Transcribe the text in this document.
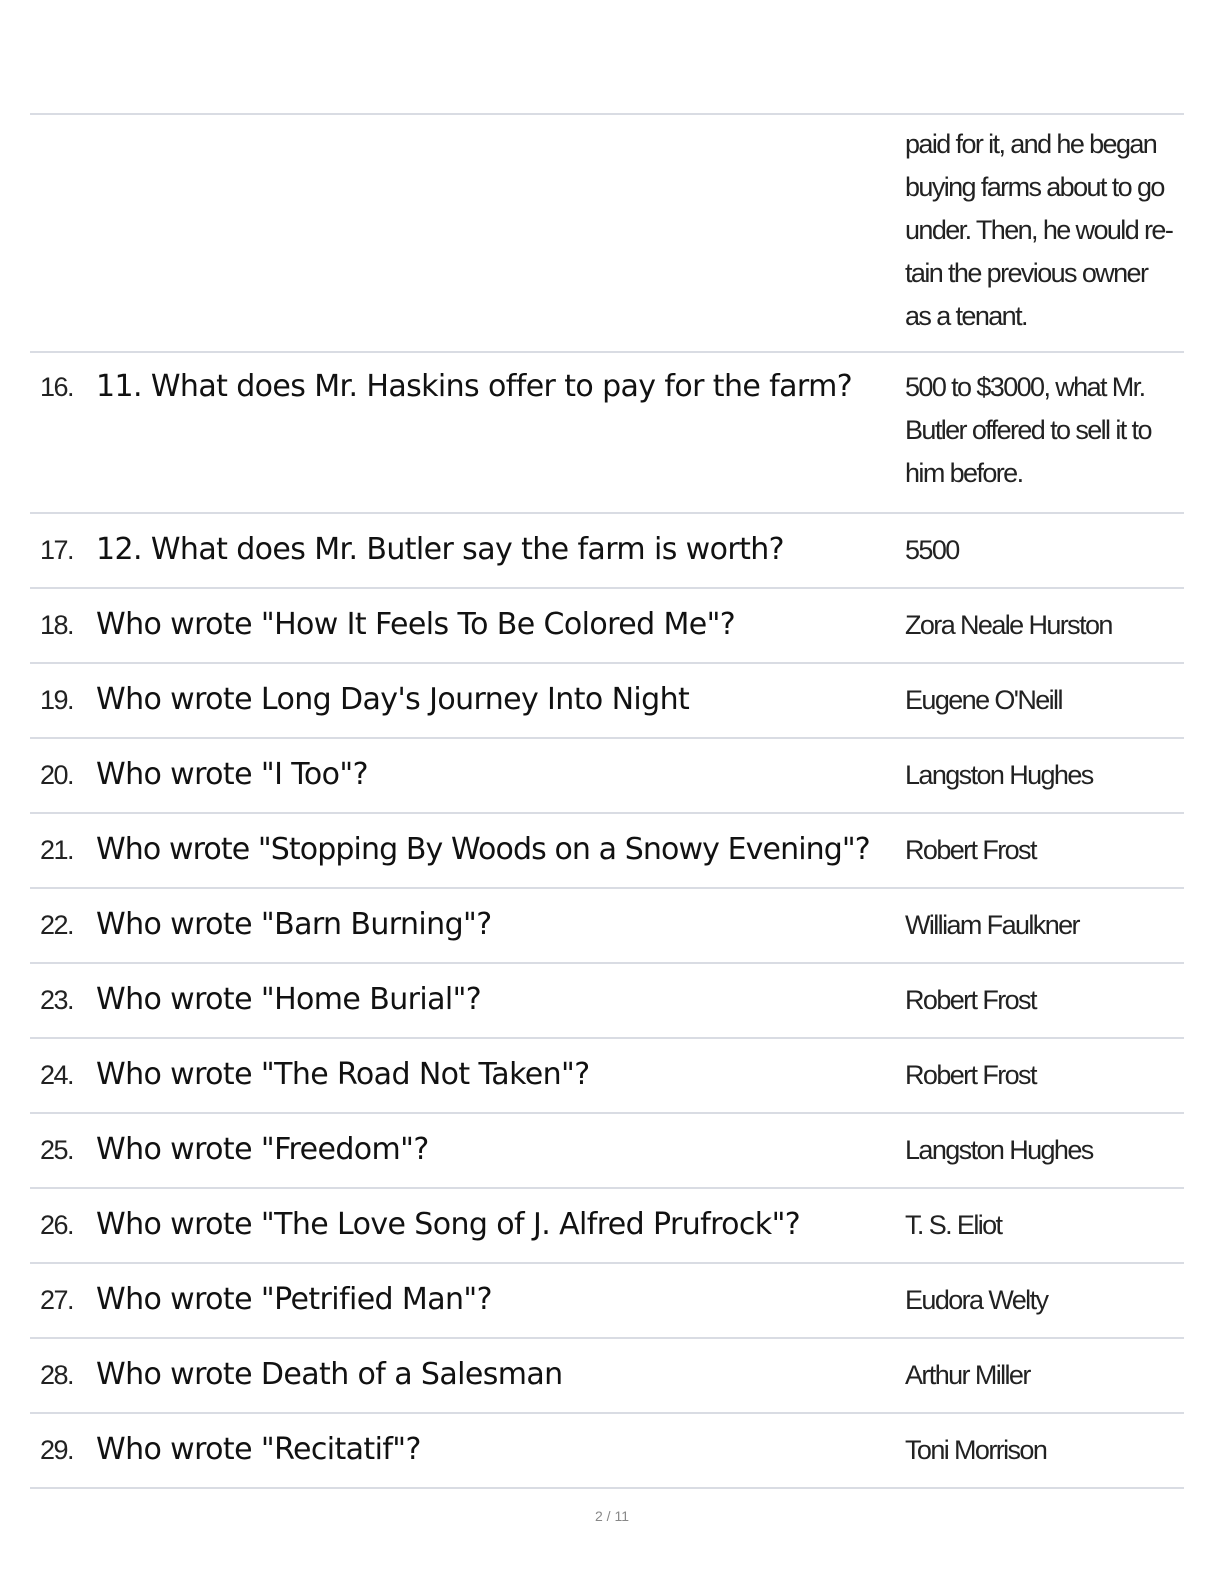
paid for it, and he began buying farms about to go under. Then, he would re-tain the previous owner as a tenant.
16. 11. What does Mr. Haskins offer to pay for the farm?	500 to $3000, what Mr. Butler offered to sell it to him before.
17. 12. What does Mr. Butler say the farm is worth?	5500
18. Who wrote "How It Feels To Be Colored Me"?	Zora Neale Hurston
19. Who wrote Long Day's Journey Into Night	Eugene O'Neill
20. Who wrote "I Too"?	Langston Hughes
21. Who wrote "Stopping By Woods on a Snowy Evening"?	Robert Frost
22. Who wrote "Barn Burning"?	William Faulkner
23. Who wrote "Home Burial"?	Robert Frost
24. Who wrote "The Road Not Taken"?	Robert Frost
25. Who wrote "Freedom"?	Langston Hughes
26. Who wrote "The Love Song of J. Alfred Prufrock"?	T. S. Eliot
27. Who wrote "Petrified Man"?	Eudora Welty
28. Who wrote Death of a Salesman	Arthur Miller
29. Who wrote "Recitatif"?	Toni Morrison
2 / 11
